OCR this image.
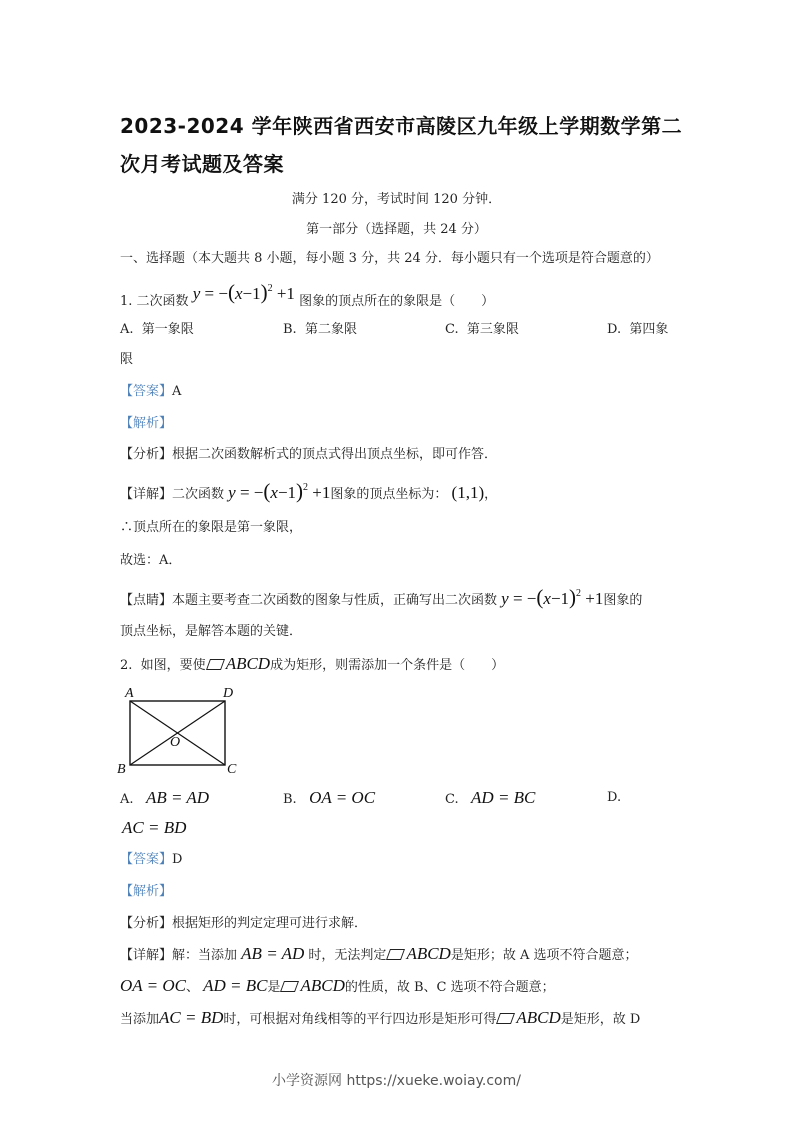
2023-2024 学年陕西省西安市高陵区九年级上学期数学第二
次月考试题及答案
满分 120 分，考试时间 120 分钟．
第一部分（选择题，共 24 分）
一、选择题（本大题共 8 小题，每小题 3 分，共 24 分．每小题只有一个选项是符合题意的）
1. 二次函数 $y = -(x-1)^2 +1$ 图象的顶点所在的象限是（　　）
A. 第一象限	B. 第二象限	C. 第三象限	D. 第四象
限
【答案】A
【解析】
【分析】根据二次函数解析式的顶点式得出顶点坐标，即可作答．
【详解】二次函数 $y = -(x-1)^2 +1$图象的顶点坐标为： (1,1)，
∴顶点所在的象限是第一象限，
故选：A．
【点睛】本题主要考查二次函数的图象与性质，正确写出二次函数 $y = -(x-1)^2 +1$图象的
顶点坐标，是解答本题的关键．
2. 如图，要使 ABCD成为矩形，则需添加一个条件是（　　）
A	D
O
B	C
A. AB = AD	B. OA = OC	C. AD = BC	D.
AC = BD
【答案】D
【解析】
【分析】根据矩形的判定定理可进行求解．
【详解】解：当添加 AB = AD 时，无法判定 ABCD是矩形；故 A 选项不符合题意；
OA = OC、 AD = BC是 ABCD的性质，故 B、C 选项不符合题意；
当添加AC = BD时，可根据对角线相等的平行四边形是矩形可得 ABCD是矩形，故 D
小学资源网 https://xueke.woiay.com/
